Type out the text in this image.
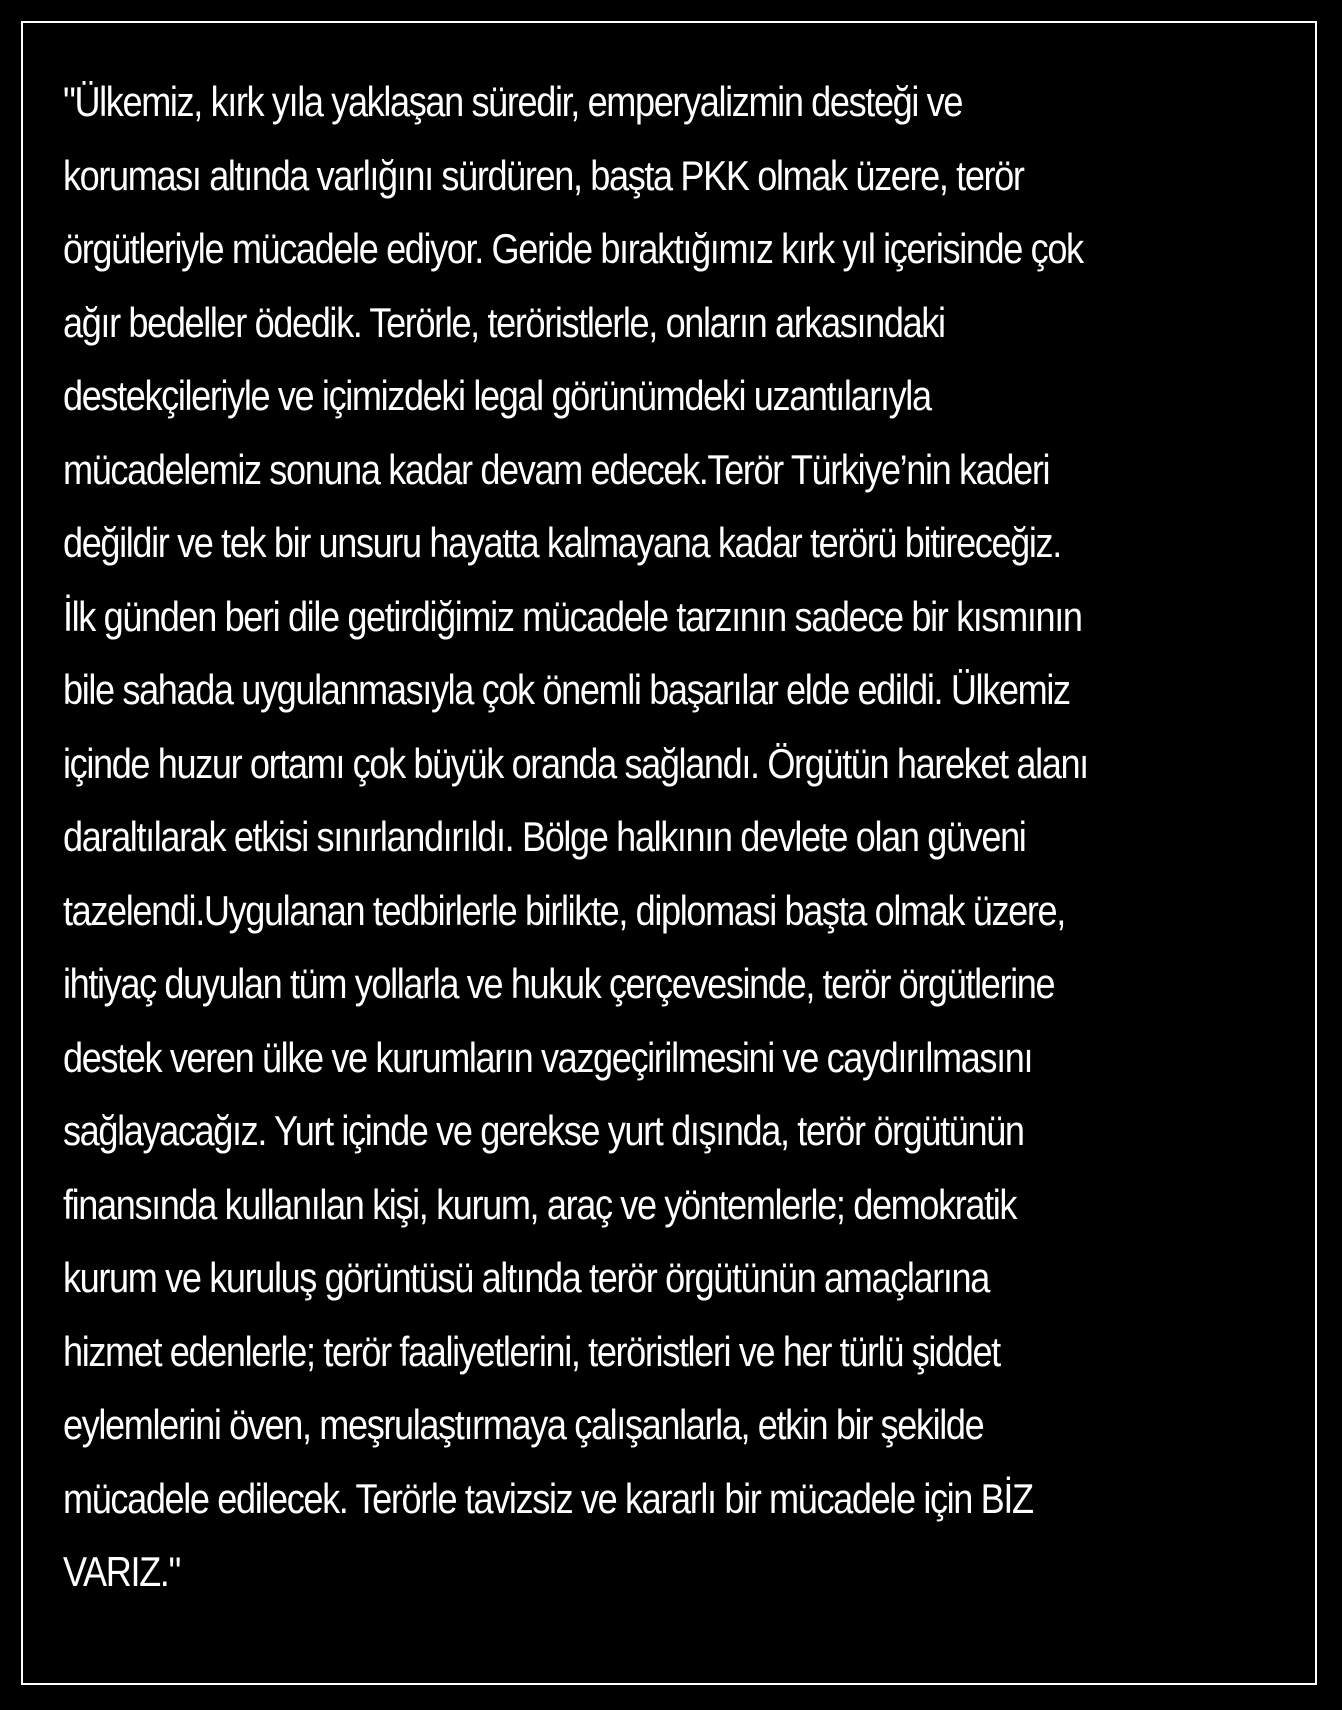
"Ülkemiz, kırk yıla yaklaşan süredir, emperyalizmin desteği ve
koruması altında varlığını sürdüren, başta PKK olmak üzere, terör
örgütleriyle mücadele ediyor. Geride bıraktığımız kırk yıl içerisinde çok
ağır bedeller ödedik. Terörle, teröristlerle, onların arkasındaki
destekçileriyle ve içimizdeki legal görünümdeki uzantılarıyla
mücadelemiz sonuna kadar devam edecek.Terör Türkiye’nin kaderi
değildir ve tek bir unsuru hayatta kalmayana kadar terörü bitireceğiz.
İlk günden beri dile getirdiğimiz mücadele tarzının sadece bir kısmının
bile sahada uygulanmasıyla çok önemli başarılar elde edildi. Ülkemiz
içinde huzur ortamı çok büyük oranda sağlandı. Örgütün hareket alanı
daraltılarak etkisi sınırlandırıldı. Bölge halkının devlete olan güveni
tazelendi.Uygulanan tedbirlerle birlikte, diplomasi başta olmak üzere,
ihtiyaç duyulan tüm yollarla ve hukuk çerçevesinde, terör örgütlerine
destek veren ülke ve kurumların vazgeçirilmesini ve caydırılmasını
sağlayacağız. Yurt içinde ve gerekse yurt dışında, terör örgütünün
finansında kullanılan kişi, kurum, araç ve yöntemlerle; demokratik
kurum ve kuruluş görüntüsü altında terör örgütünün amaçlarına
hizmet edenlerle; terör faaliyetlerini, teröristleri ve her türlü şiddet
eylemlerini öven, meşrulaştırmaya çalışanlarla, etkin bir şekilde
mücadele edilecek. Terörle tavizsiz ve kararlı bir mücadele için BİZ
VARIZ."
